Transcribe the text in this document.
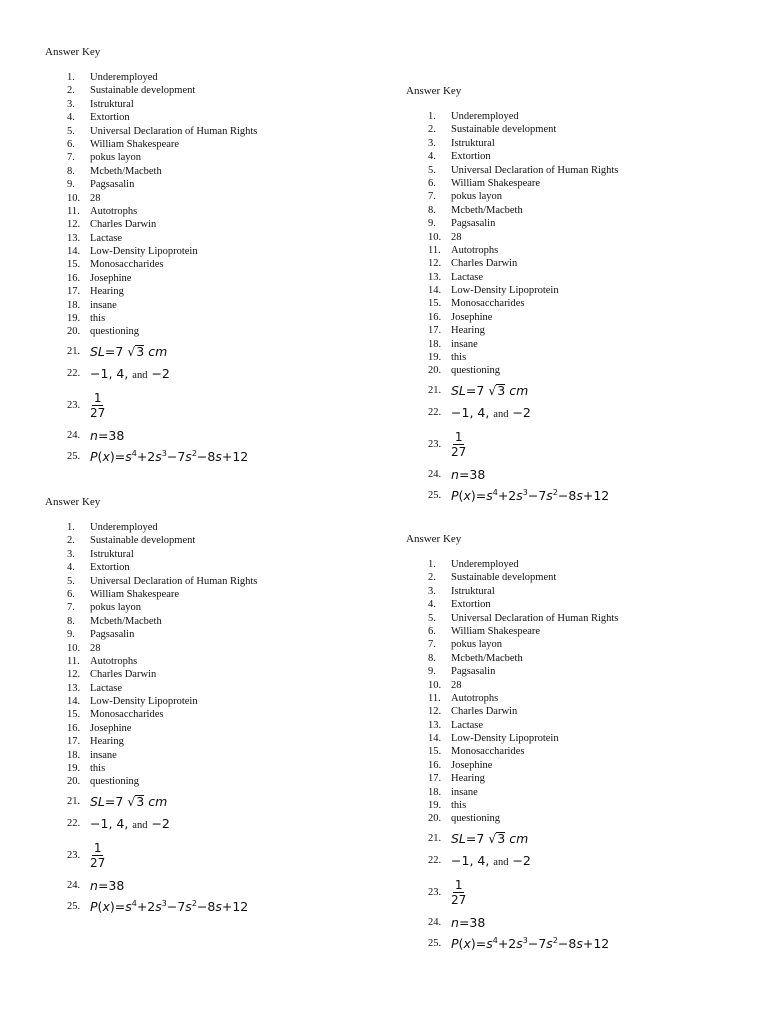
Answer Key
1.	Underemployed
2.	Sustainable development
3.	Istruktural
4.	Extortion
5.	Universal Declaration of Human Rights
6.	William Shakespeare
7.	pokus layon
8.	Mcbeth/Macbeth
9.	Pagsasalin
10. 28
11. Autotrophs
12. Charles Darwin
13. Lactase
14. Low-Density Lipoprotein
15. Monosaccharides
16. Josephine
17. Hearing
18. insane
19. this
20. questioning
21. SL=7 √3 cm
22. −1, 4, and −2
23. $\frac{1}{27}$
24. n=38
25. $P(x)=s^4+2s^3-7s^2-8s+12$
Answer Key
1.	Underemployed
2.	Sustainable development
3.	Istruktural
4.	Extortion
5.	Universal Declaration of Human Rights
6.	William Shakespeare
7.	pokus layon
8.	Mcbeth/Macbeth
9.	Pagsasalin
10. 28
11. Autotrophs
12. Charles Darwin
13. Lactase
14. Low-Density Lipoprotein
15. Monosaccharides
16. Josephine
17. Hearing
18. insane
19. this
20. questioning
21. SL=7 √3 cm
22. −1, 4, and −2
23. $\frac{1}{27}$
24. n=38
25. $P(x)=s^4+2s^3-7s^2-8s+12$
Answer Key
1.	Underemployed
2.	Sustainable development
3.	Istruktural
4.	Extortion
5.	Universal Declaration of Human Rights
6.	William Shakespeare
7.	pokus layon
8.	Mcbeth/Macbeth
9.	Pagsasalin
10. 28
11. Autotrophs
12. Charles Darwin
13. Lactase
14. Low-Density Lipoprotein
15. Monosaccharides
16. Josephine
17. Hearing
18. insane
19. this
20. questioning
21. SL=7 √3 cm
22. −1, 4, and −2
23. $\frac{1}{27}$
24. n=38
25. $P(x)=s^4+2s^3-7s^2-8s+12$
Answer Key
1.	Underemployed
2.	Sustainable development
3.	Istruktural
4.	Extortion
5.	Universal Declaration of Human Rights
6.	William Shakespeare
7.	pokus layon
8.	Mcbeth/Macbeth
9.	Pagsasalin
10. 28
11. Autotrophs
12. Charles Darwin
13. Lactase
14. Low-Density Lipoprotein
15. Monosaccharides
16. Josephine
17. Hearing
18. insane
19. this
20. questioning
21. SL=7 √3 cm
22. −1, 4, and −2
23. $\frac{1}{27}$
24. n=38
25. $P(x)=s^4+2s^3-7s^2-8s+12$
